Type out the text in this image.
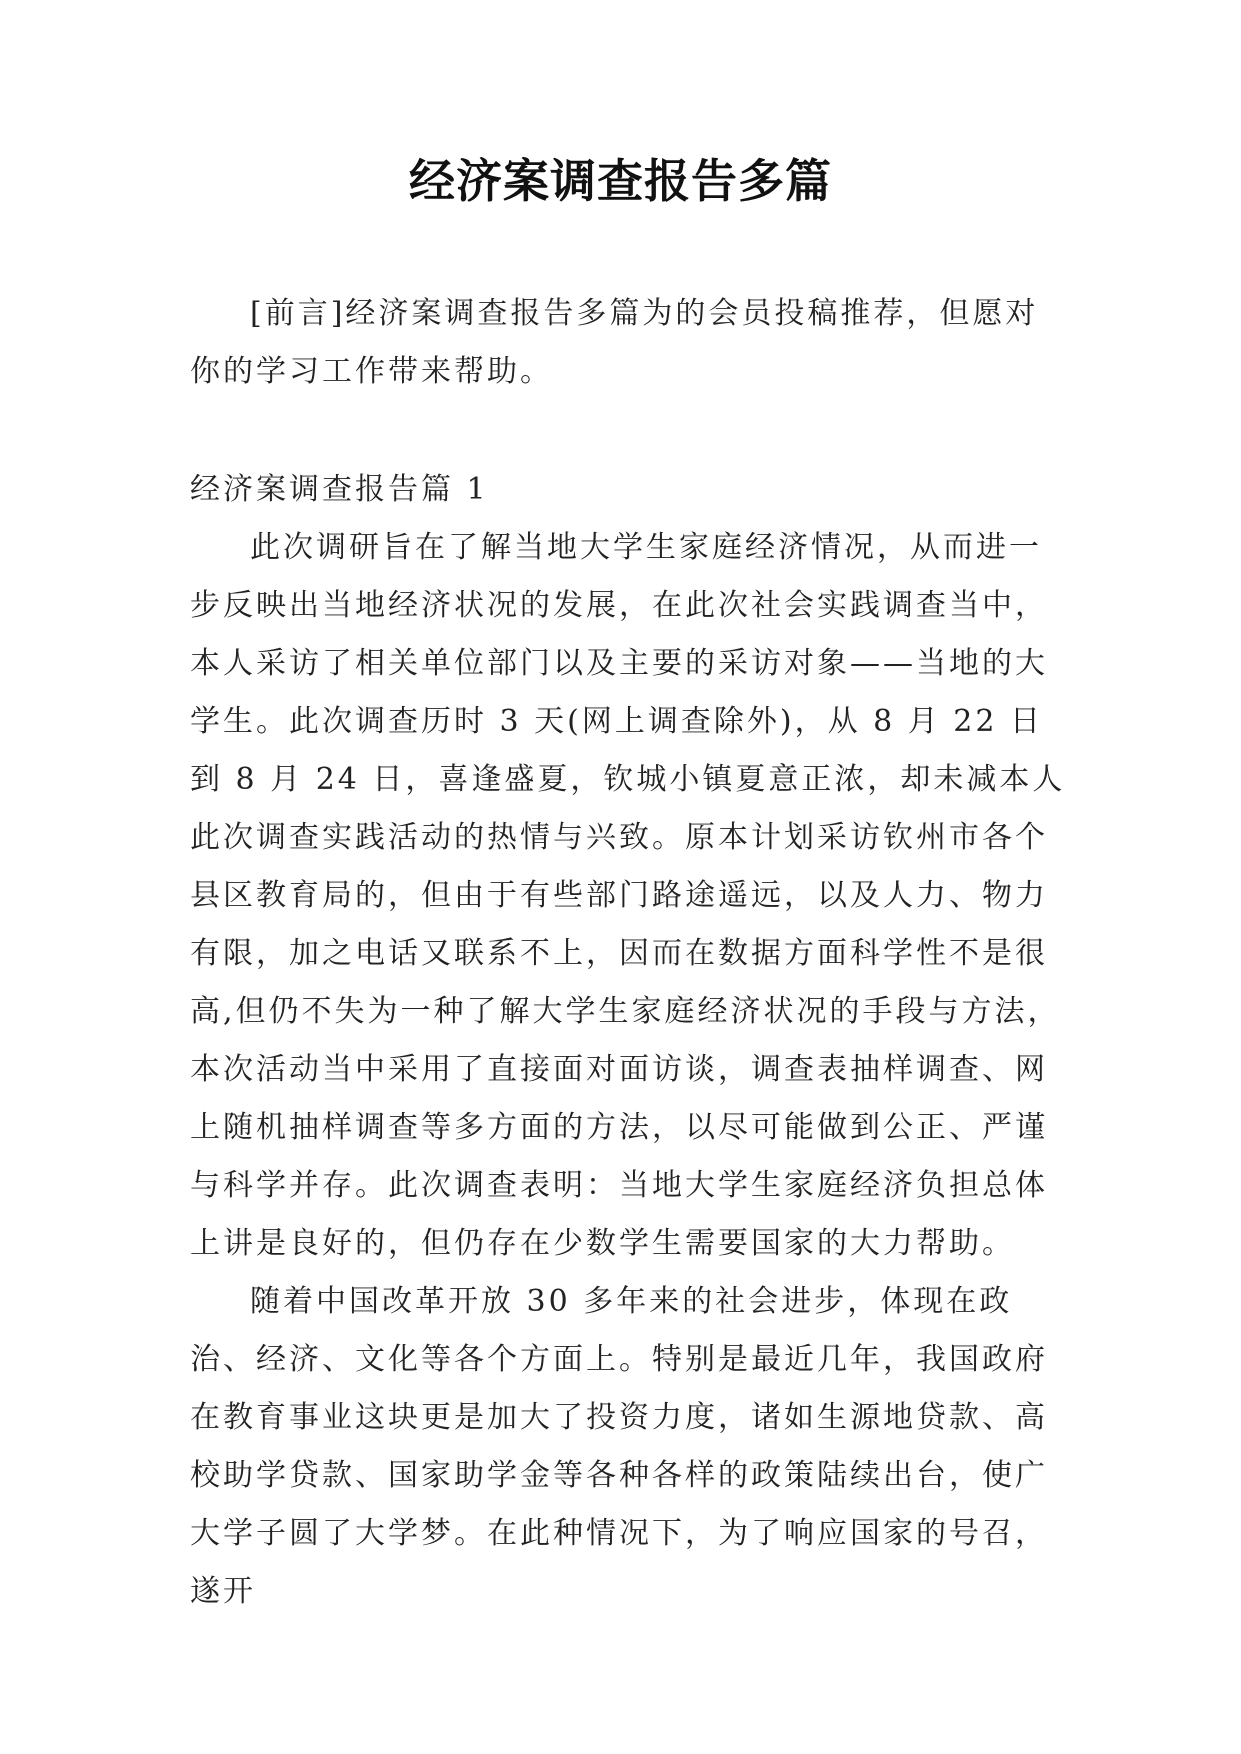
经济案调查报告多篇

[前言]经济案调查报告多篇为的会员投稿推荐，但愿对你的学习工作带来帮助。

经济案调查报告篇 1

此次调研旨在了解当地大学生家庭经济情况，从而进一步反映出当地经济状况的发展，在此次社会实践调查当中，本人采访了相关单位部门以及主要的采访对象——当地的大学生。此次调查历时 3 天(网上调查除外)，从 8 月 22 日到 8 月 24 日，喜逢盛夏，钦城小镇夏意正浓，却未减本人此次调查实践活动的热情与兴致。原本计划采访钦州市各个县区教育局的，但由于有些部门路途遥远，以及人力、物力有限，加之电话又联系不上，因而在数据方面科学性不是很高,但仍不失为一种了解大学生家庭经济状况的手段与方法，本次活动当中采用了直接面对面访谈，调查表抽样调查、网上随机抽样调查等多方面的方法，以尽可能做到公正、严谨与科学并存。此次调查表明：当地大学生家庭经济负担总体上讲是良好的，但仍存在少数学生需要国家的大力帮助。

随着中国改革开放 30 多年来的社会进步，体现在政治、经济、文化等各个方面上。特别是最近几年，我国政府在教育事业这块更是加大了投资力度，诸如生源地贷款、高校助学贷款、国家助学金等各种各样的政策陆续出台，使广大学子圆了大学梦。在此种情况下，为了响应国家的号召，遂开
